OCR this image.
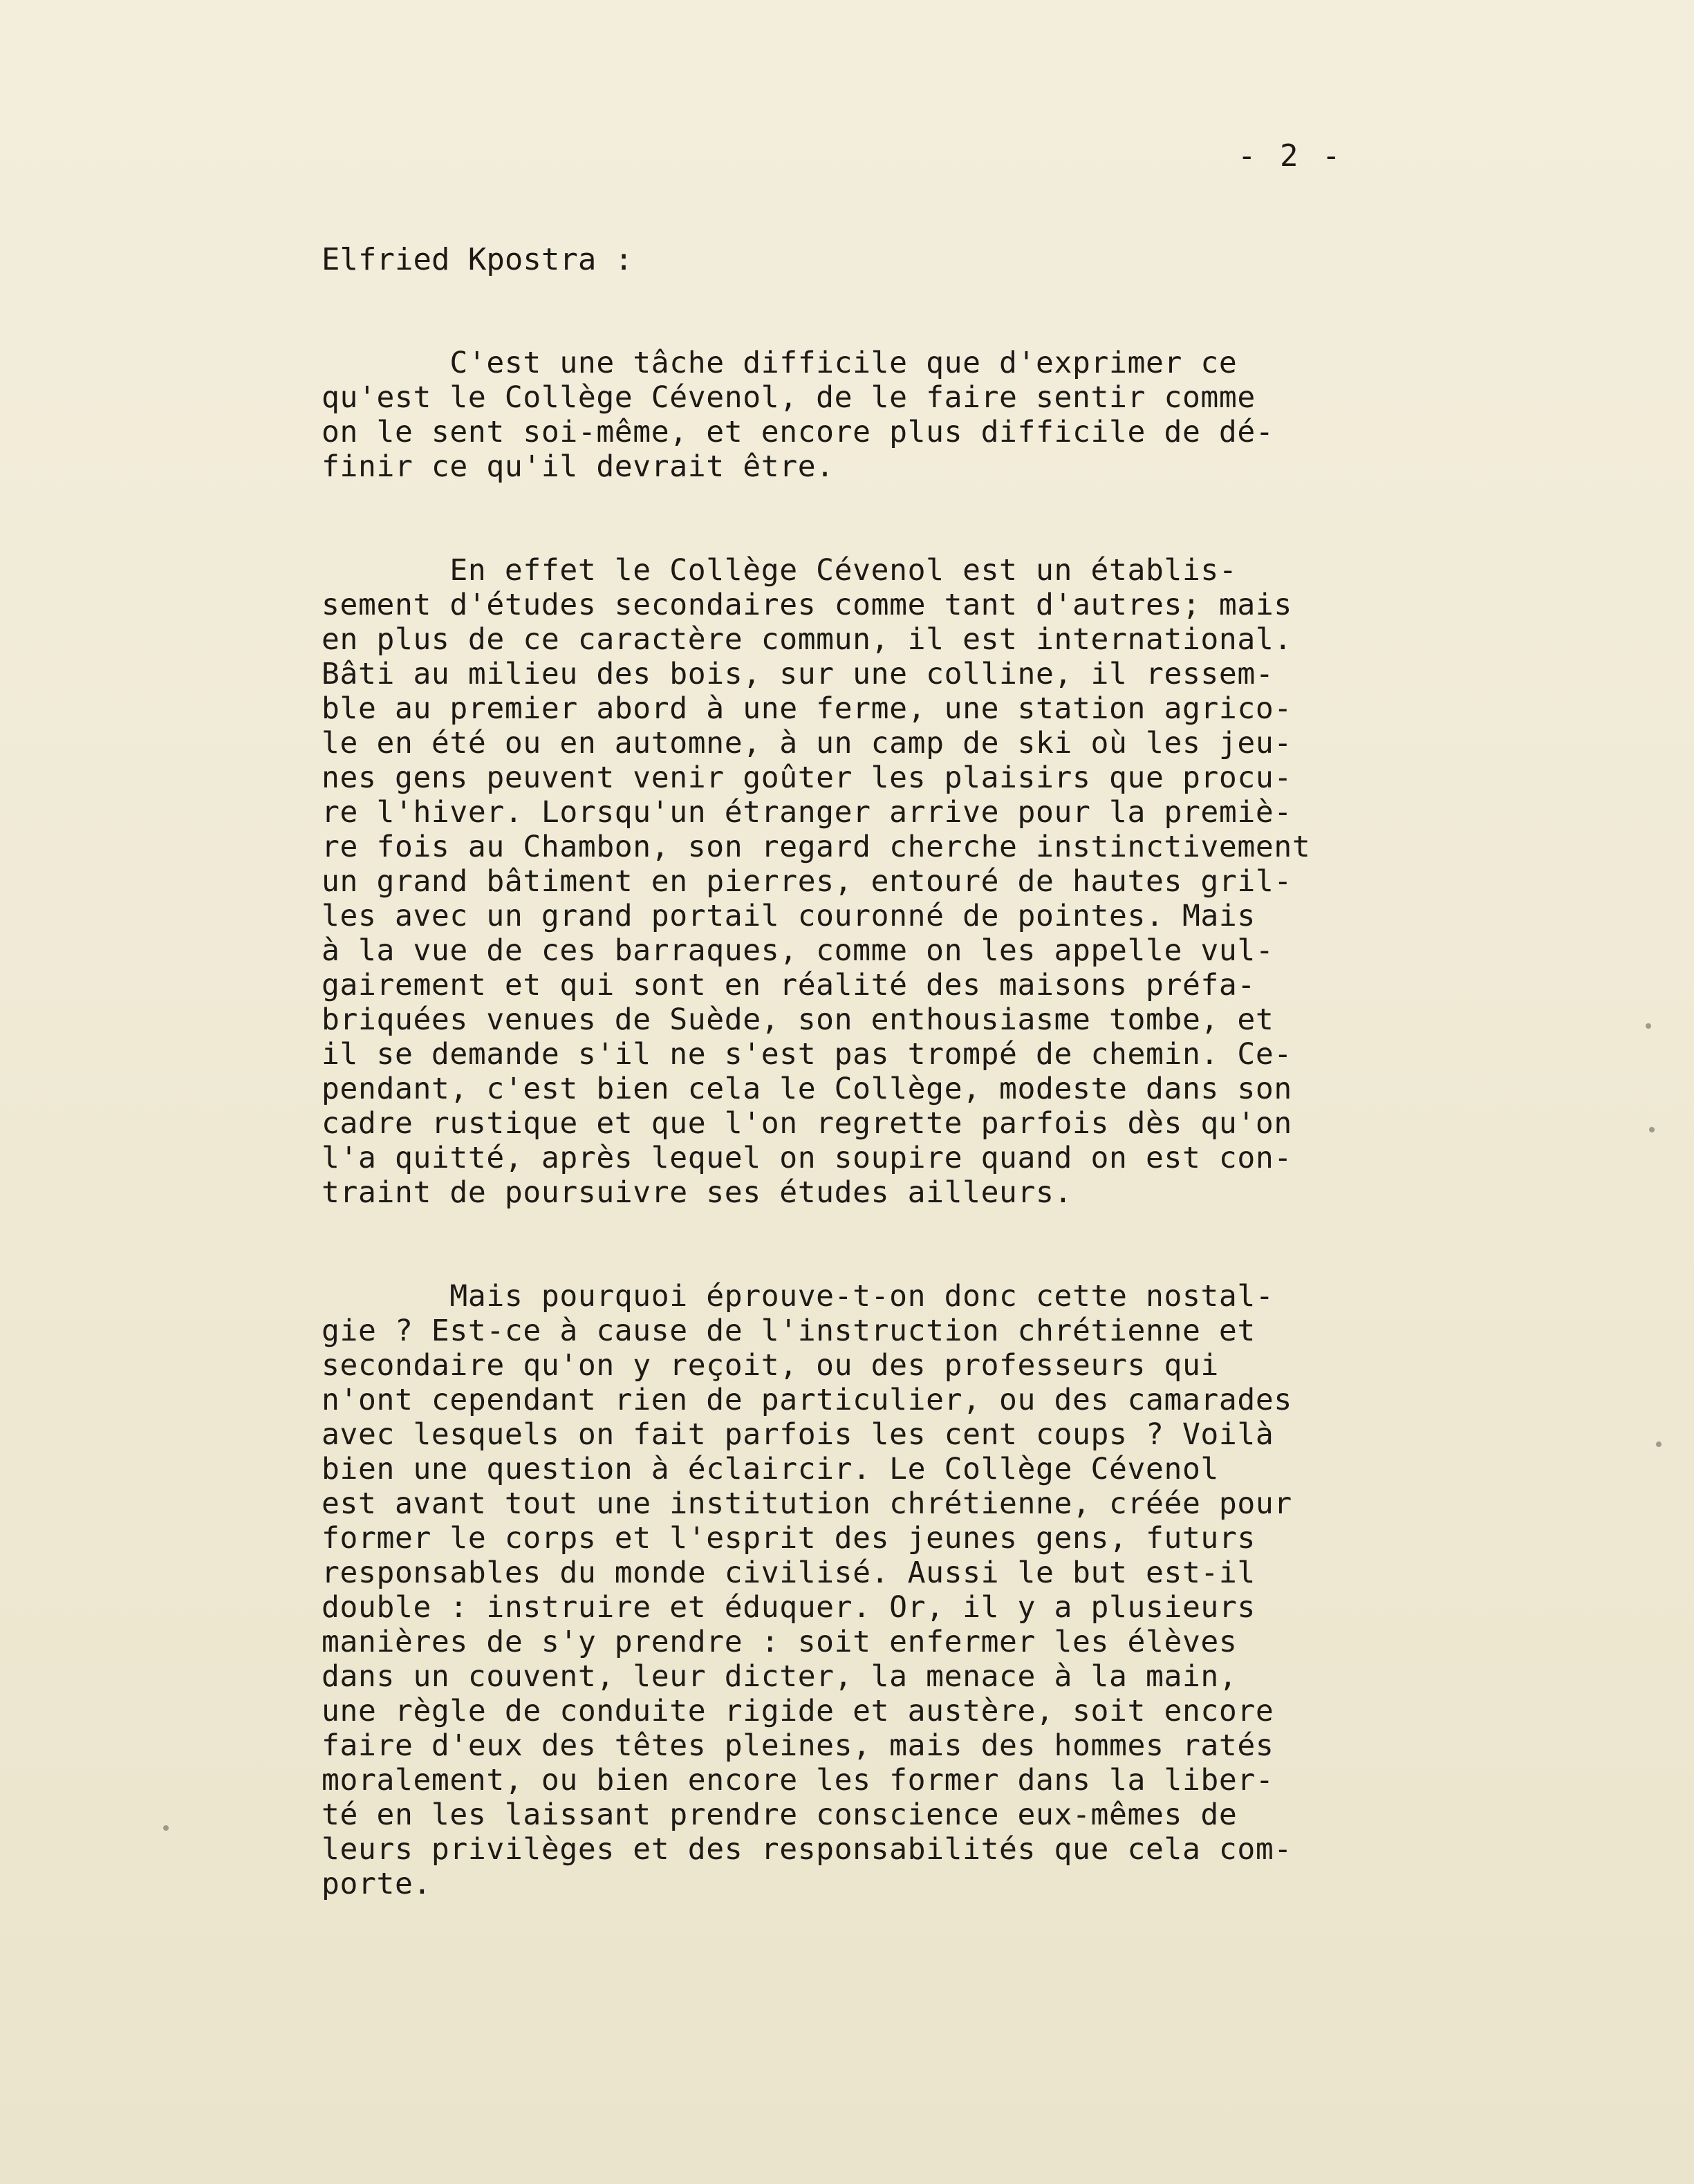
- 2 -
Elfried Kpostra :
C'est une tâche difficile que d'exprimer ce
qu'est le Collège Cévenol, de le faire sentir comme
on le sent soi-même, et encore plus difficile de dé-
finir ce qu'il devrait être.
En effet le Collège Cévenol est un établis-
sement d'études secondaires comme tant d'autres; mais
en plus de ce caractère commun, il est international.
Bâti au milieu des bois, sur une colline, il ressem-
ble au premier abord à une ferme, une station agrico-
le en été ou en automne, à un camp de ski où les jeu-
nes gens peuvent venir goûter les plaisirs que procu-
re l'hiver. Lorsqu'un étranger arrive pour la premiè-
re fois au Chambon, son regard cherche instinctivement
un grand bâtiment en pierres, entouré de hautes gril-
les avec un grand portail couronné de pointes. Mais
à la vue de ces barraques, comme on les appelle vul-
gairement et qui sont en réalité des maisons préfa-
briquées venues de Suède, son enthousiasme tombe, et
il se demande s'il ne s'est pas trompé de chemin. Ce-
pendant, c'est bien cela le Collège, modeste dans son
cadre rustique et que l'on regrette parfois dès qu'on
l'a quitté, après lequel on soupire quand on est con-
traint de poursuivre ses études ailleurs.
Mais pourquoi éprouve-t-on donc cette nostal-
gie ? Est-ce à cause de l'instruction chrétienne et
secondaire qu'on y reçoit, ou des professeurs qui
n'ont cependant rien de particulier, ou des camarades
avec lesquels on fait parfois les cent coups ? Voilà
bien une question à éclaircir. Le Collège Cévenol
est avant tout une institution chrétienne, créée pour
former le corps et l'esprit des jeunes gens, futurs
responsables du monde civilisé. Aussi le but est-il
double : instruire et éduquer. Or, il y a plusieurs
manières de s'y prendre : soit enfermer les élèves
dans un couvent, leur dicter, la menace à la main,
une règle de conduite rigide et austère, soit encore
faire d'eux des têtes pleines, mais des hommes ratés
moralement, ou bien encore les former dans la liber-
té en les laissant prendre conscience eux-mêmes de
leurs privilèges et des responsabilités que cela com-
porte.
